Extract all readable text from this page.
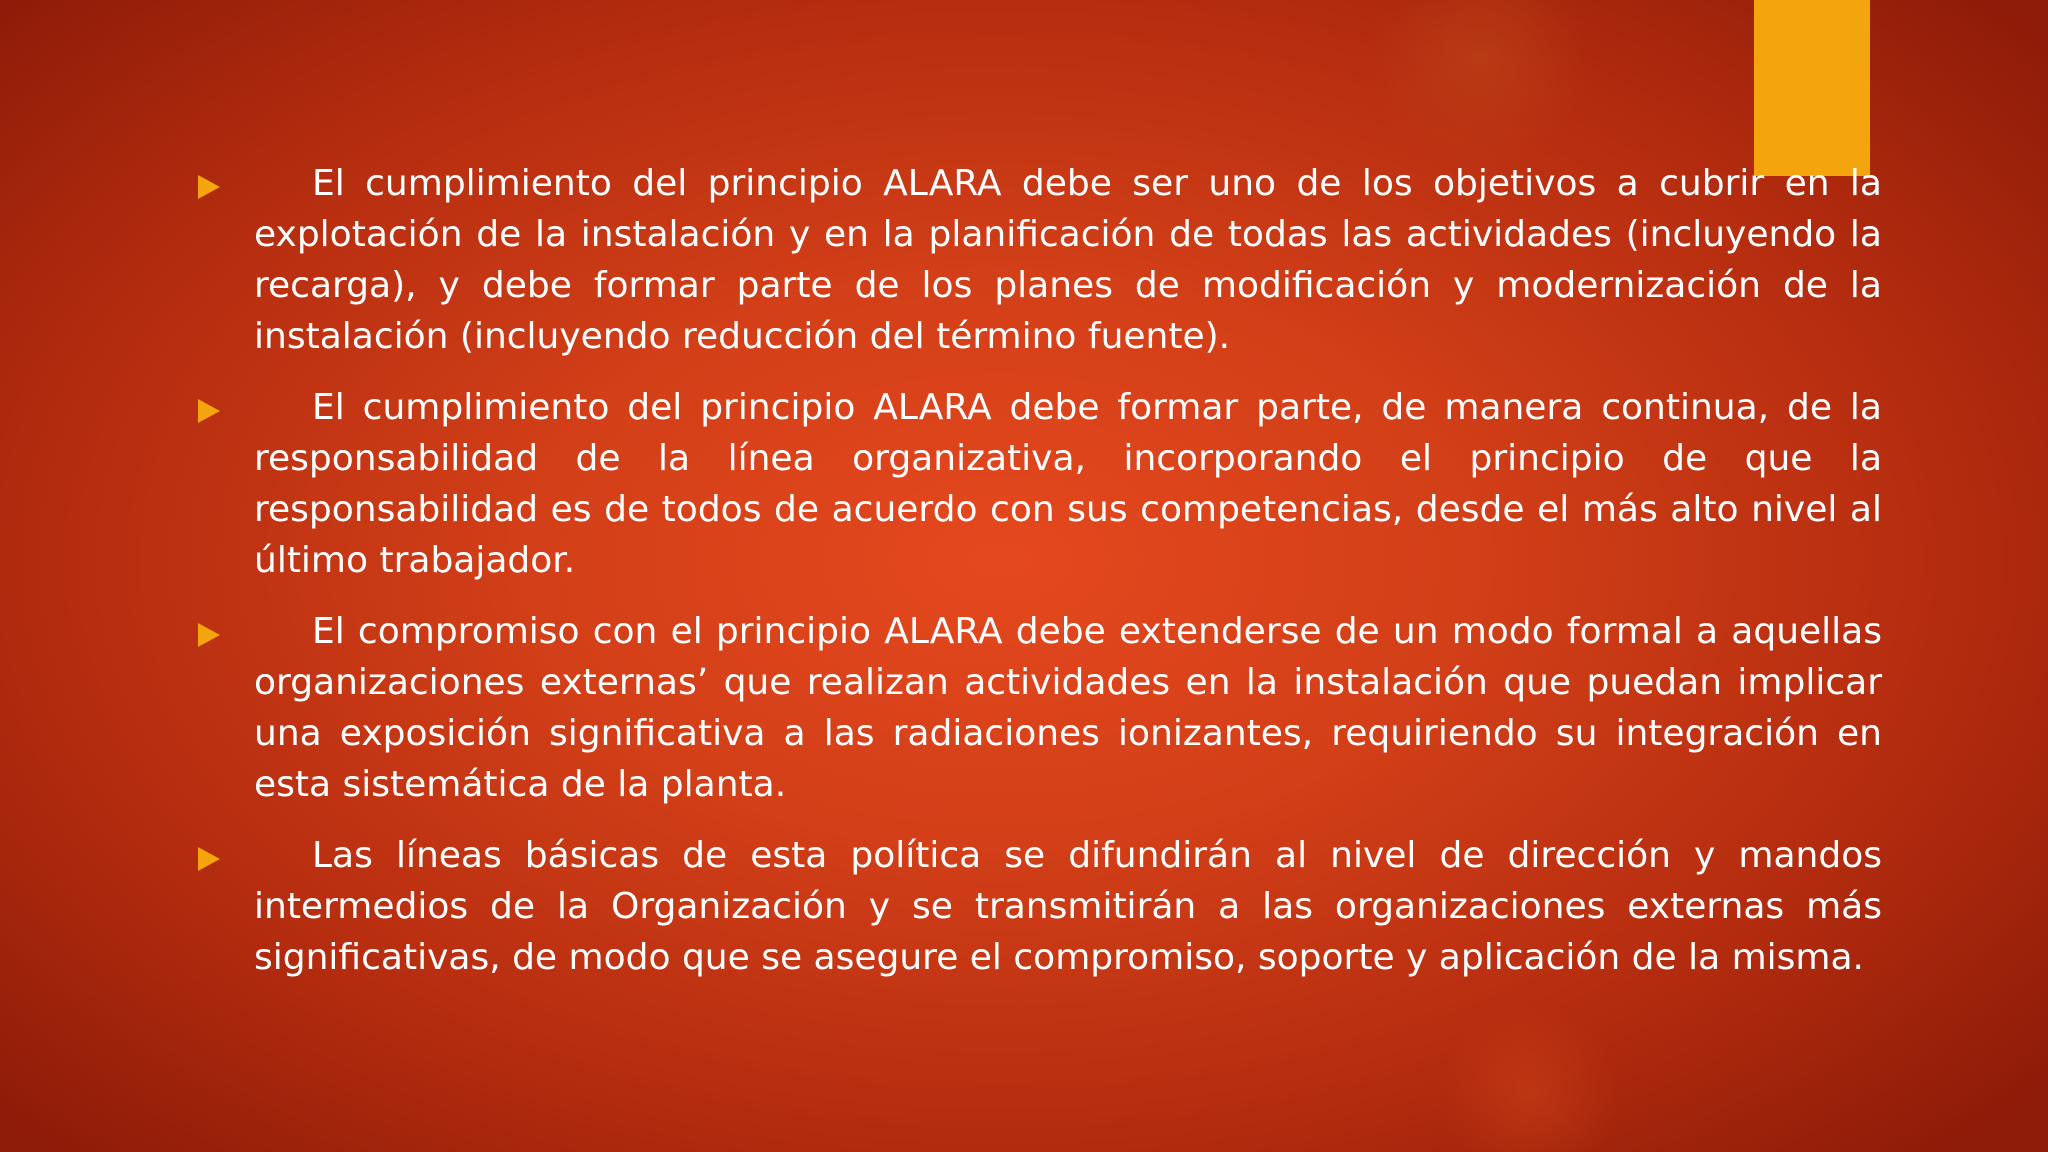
El cumplimiento del principio ALARA debe ser uno de los objetivos a cubrir en la explotación de la instalación y en la planificación de todas las actividades (incluyendo la recarga), y debe formar parte de los planes de modificación y modernización de la instalación (incluyendo reducción del término fuente).

El cumplimiento del principio ALARA debe formar parte, de manera continua, de la responsabilidad de la línea organizativa, incorporando el principio de que la responsabilidad es de todos de acuerdo con sus competencias, desde el más alto nivel al último trabajador.

El compromiso con el principio ALARA debe extenderse de un modo formal a aquellas organizaciones externas’ que realizan actividades en la instalación que puedan implicar una exposición significativa a las radiaciones ionizantes, requiriendo su integración en esta sistemática de la planta.

Las líneas básicas de esta política se difundirán al nivel de dirección y mandos intermedios de la Organización y se transmitirán a las organizaciones externas más significativas, de modo que se asegure el compromiso, soporte y aplicación de la misma.
